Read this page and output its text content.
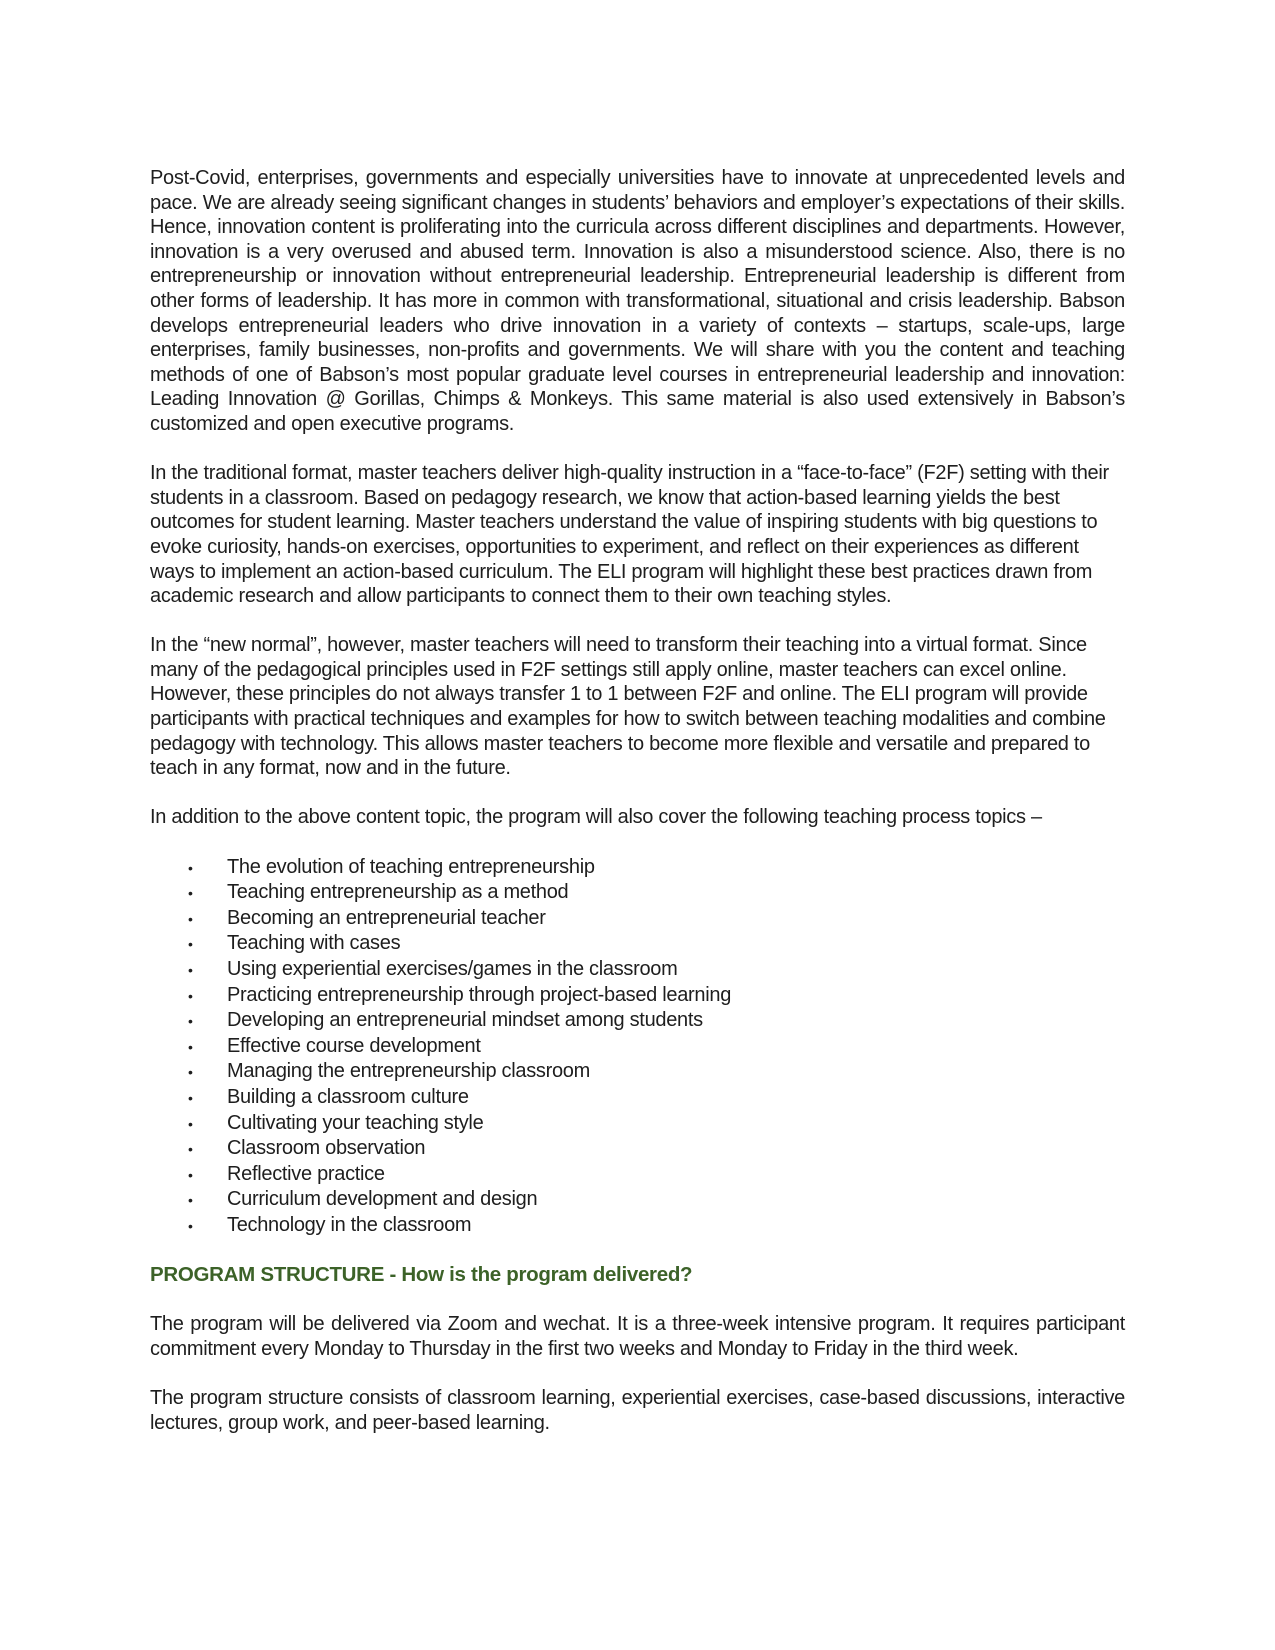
Post-Covid, enterprises, governments and especially universities have to innovate at unprecedented levels and pace. We are already seeing significant changes in students’ behaviors and employer’s expectations of their skills. Hence, innovation content is proliferating into the curricula across different disciplines and departments. However, innovation is a very overused and abused term. Innovation is also a misunderstood science. Also, there is no entrepreneurship or innovation without entrepreneurial leadership. Entrepreneurial leadership is different from other forms of leadership. It has more in common with transformational, situational and crisis leadership. Babson develops entrepreneurial leaders who drive innovation in a variety of contexts – startups, scale-ups, large enterprises, family businesses, non-profits and governments. We will share with you the content and teaching methods of one of Babson’s most popular graduate level courses in entrepreneurial leadership and innovation: Leading Innovation @ Gorillas, Chimps & Monkeys. This same material is also used extensively in Babson’s customized and open executive programs.

In the traditional format, master teachers deliver high-quality instruction in a “face-to-face” (F2F) setting with their students in a classroom. Based on pedagogy research, we know that action-based learning yields the best outcomes for student learning. Master teachers understand the value of inspiring students with big questions to evoke curiosity, hands-on exercises, opportunities to experiment, and reflect on their experiences as different ways to implement an action-based curriculum. The ELI program will highlight these best practices drawn from academic research and allow participants to connect them to their own teaching styles.

In the “new normal”, however, master teachers will need to transform their teaching into a virtual format. Since many of the pedagogical principles used in F2F settings still apply online, master teachers can excel online. However, these principles do not always transfer 1 to 1 between F2F and online. The ELI program will provide participants with practical techniques and examples for how to switch between teaching modalities and combine pedagogy with technology. This allows master teachers to become more flexible and versatile and prepared to teach in any format, now and in the future.

In addition to the above content topic, the program will also cover the following teaching process topics –

•	The evolution of teaching entrepreneurship
•	Teaching entrepreneurship as a method
•	Becoming an entrepreneurial teacher
•	Teaching with cases
•	Using experiential exercises/games in the classroom
•	Practicing entrepreneurship through project-based learning
•	Developing an entrepreneurial mindset among students
•	Effective course development
•	Managing the entrepreneurship classroom
•	Building a classroom culture
•	Cultivating your teaching style
•	Classroom observation
•	Reflective practice
•	Curriculum development and design
•	Technology in the classroom
PROGRAM STRUCTURE - How is the program delivered?

The program will be delivered via Zoom and wechat. It is a three-week intensive program. It requires participant commitment every Monday to Thursday in the first two weeks and Monday to Friday in the third week.

The program structure consists of classroom learning, experiential exercises, case-based discussions, interactive lectures, group work, and peer-based learning.
